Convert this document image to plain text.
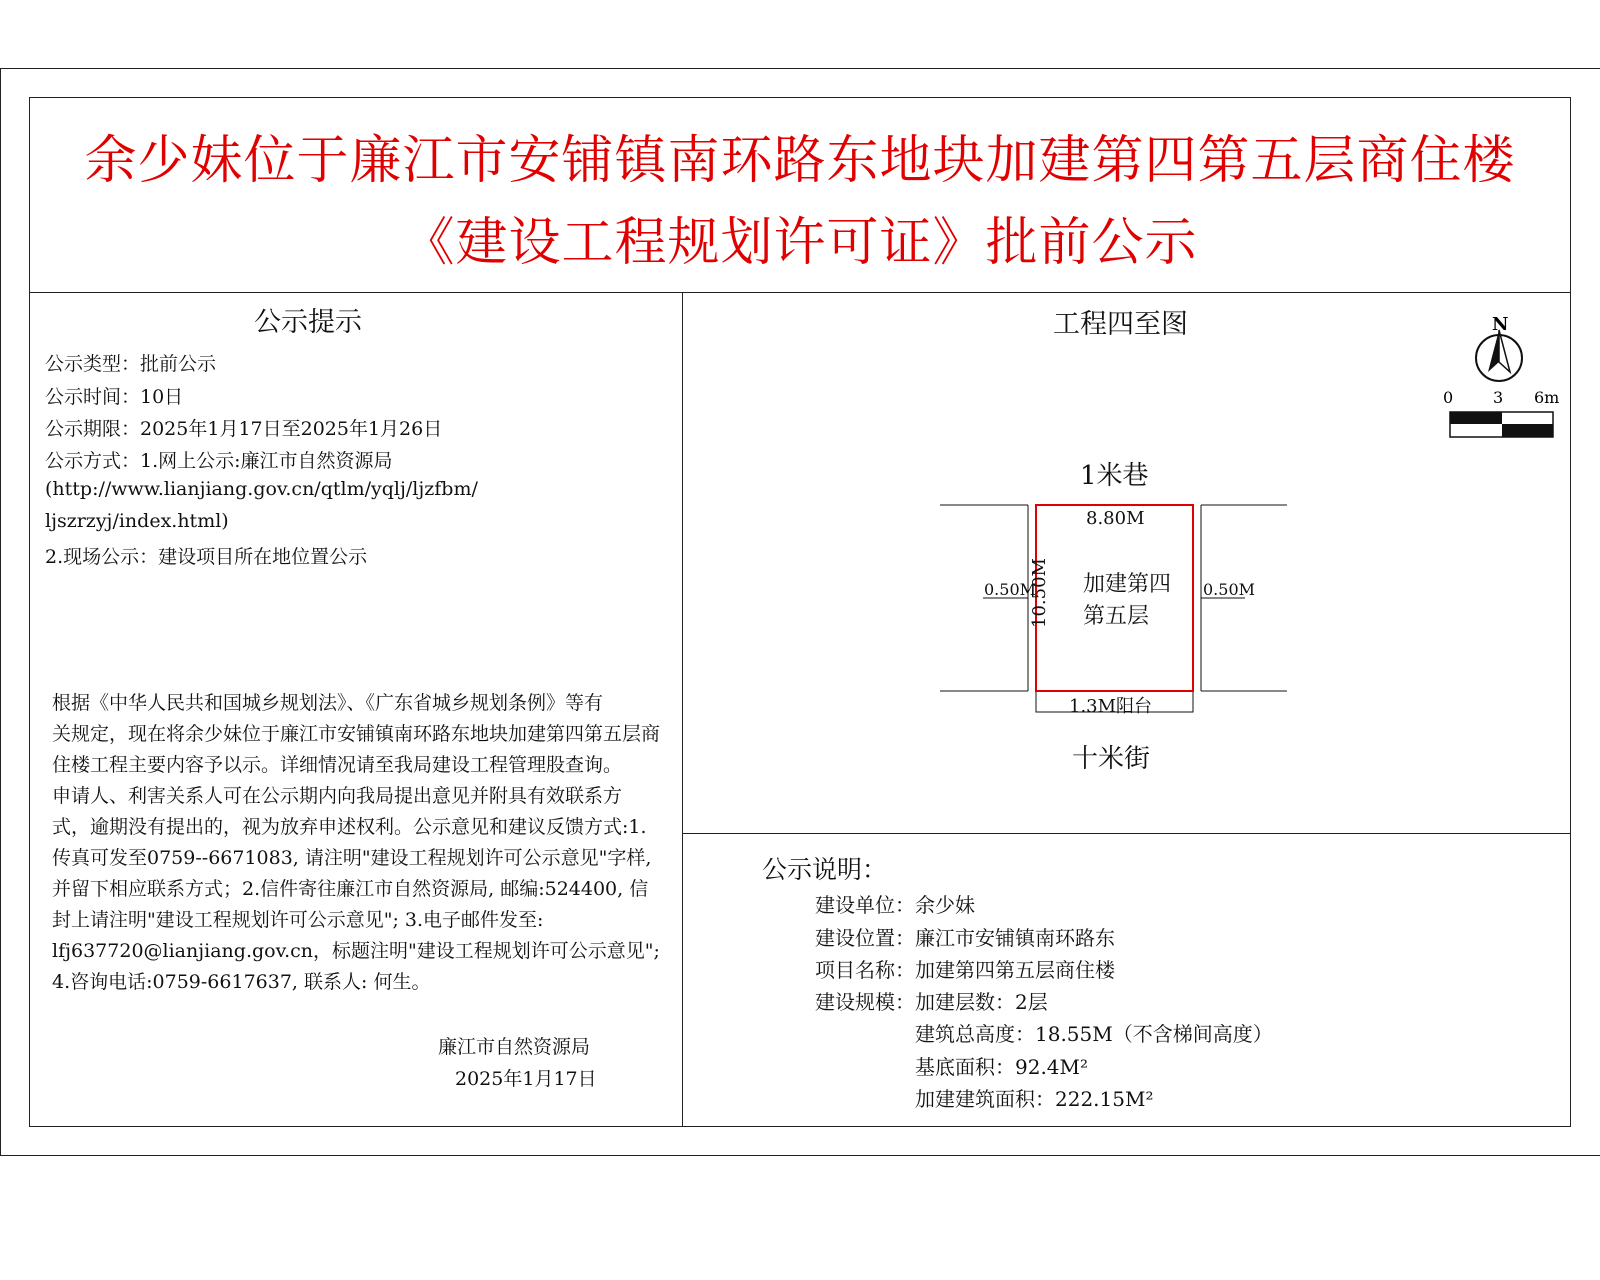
余少妹位于廉江市安铺镇南环路东地块加建第四第五层商住楼
《建设工程规划许可证》批前公示
公示提示
公示类型：批前公示
公示时间：10日
公示期限：2025年1月17日至2025年1月26日
公示方式：1.网上公示:廉江市自然资源局
(http://www.lianjiang.gov.cn/qtlm/yqlj/ljzfbm/
ljszrzyj/index.html)
2.现场公示：建设项目所在地位置公示
根据《中华人民共和国城乡规划法》、《广东省城乡规划条例》等有
关规定，现在将余少妹位于廉江市安铺镇南环路东地块加建第四第五层商
住楼工程主要内容予以示。详细情况请至我局建设工程管理股查询。
申请人、利害关系人可在公示期内向我局提出意见并附具有效联系方
式，逾期没有提出的，视为放弃申述权利。公示意见和建议反馈方式:1.
传真可发至0759--6671083, 请注明"建设工程规划许可公示意见"字样,
并留下相应联系方式；2.信件寄往廉江市自然资源局, 邮编:524400, 信
封上请注明"建设工程规划许可公示意见"; 3.电子邮件发至:
lfj637720@lianjiang.gov.cn，标题注明"建设工程规划许可公示意见";
4.咨询电话:0759-6617637, 联系人: 何生。
廉江市自然资源局
2025年1月17日
工程四至图	N
0 3 6m
1米巷
十米街
8.80M
10.50M
0.50M	0.50M
1.3M阳台
加建第四
第五层
公示说明：
建设单位：余少妹
建设位置：廉江市安铺镇南环路东
项目名称：加建第四第五层商住楼
建设规模：加建层数：2层
建筑总高度：18.55M（不含梯间高度）
基底面积：92.4M²
加建建筑面积：222.15M²
